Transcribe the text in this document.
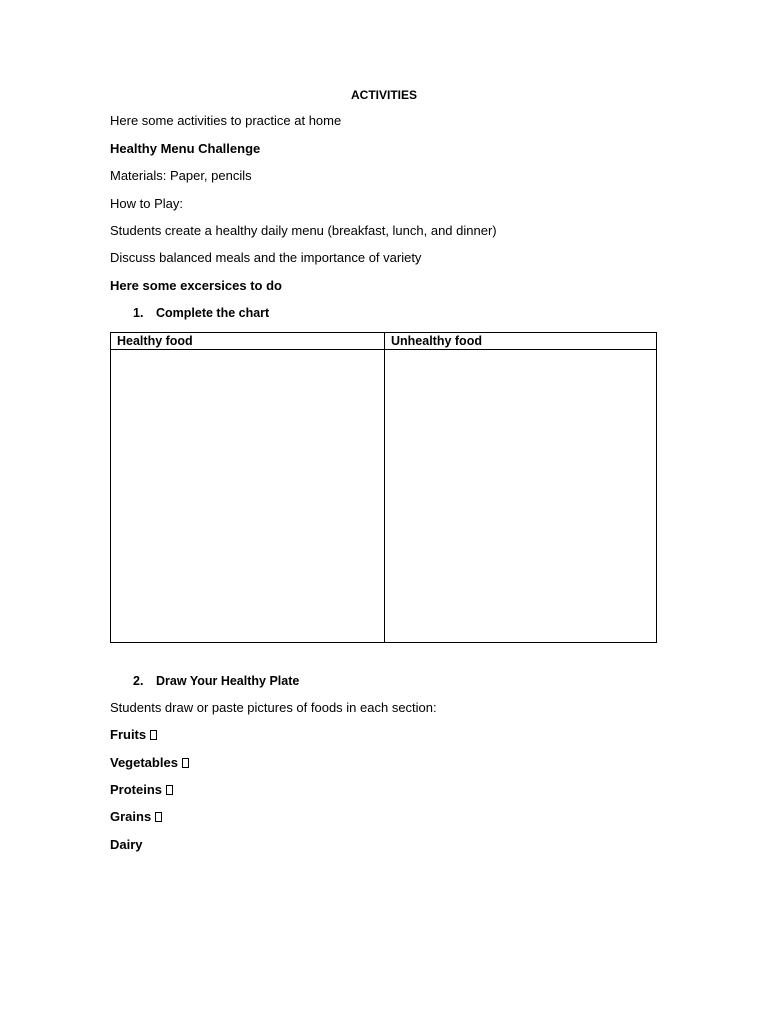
ACTIVITIES
Here some activities to practice at home
Healthy Menu Challenge
Materials: Paper, pencils
How to Play:
Students create a healthy daily menu (breakfast, lunch, and dinner)
Discuss balanced meals and the importance of variety
Here some excersices to do
1. Complete the chart
Healthy food	Unhealthy food
2. Draw Your Healthy Plate
Students draw or paste pictures of foods in each section:
Fruits
Vegetables
Proteins
Grains
Dairy
